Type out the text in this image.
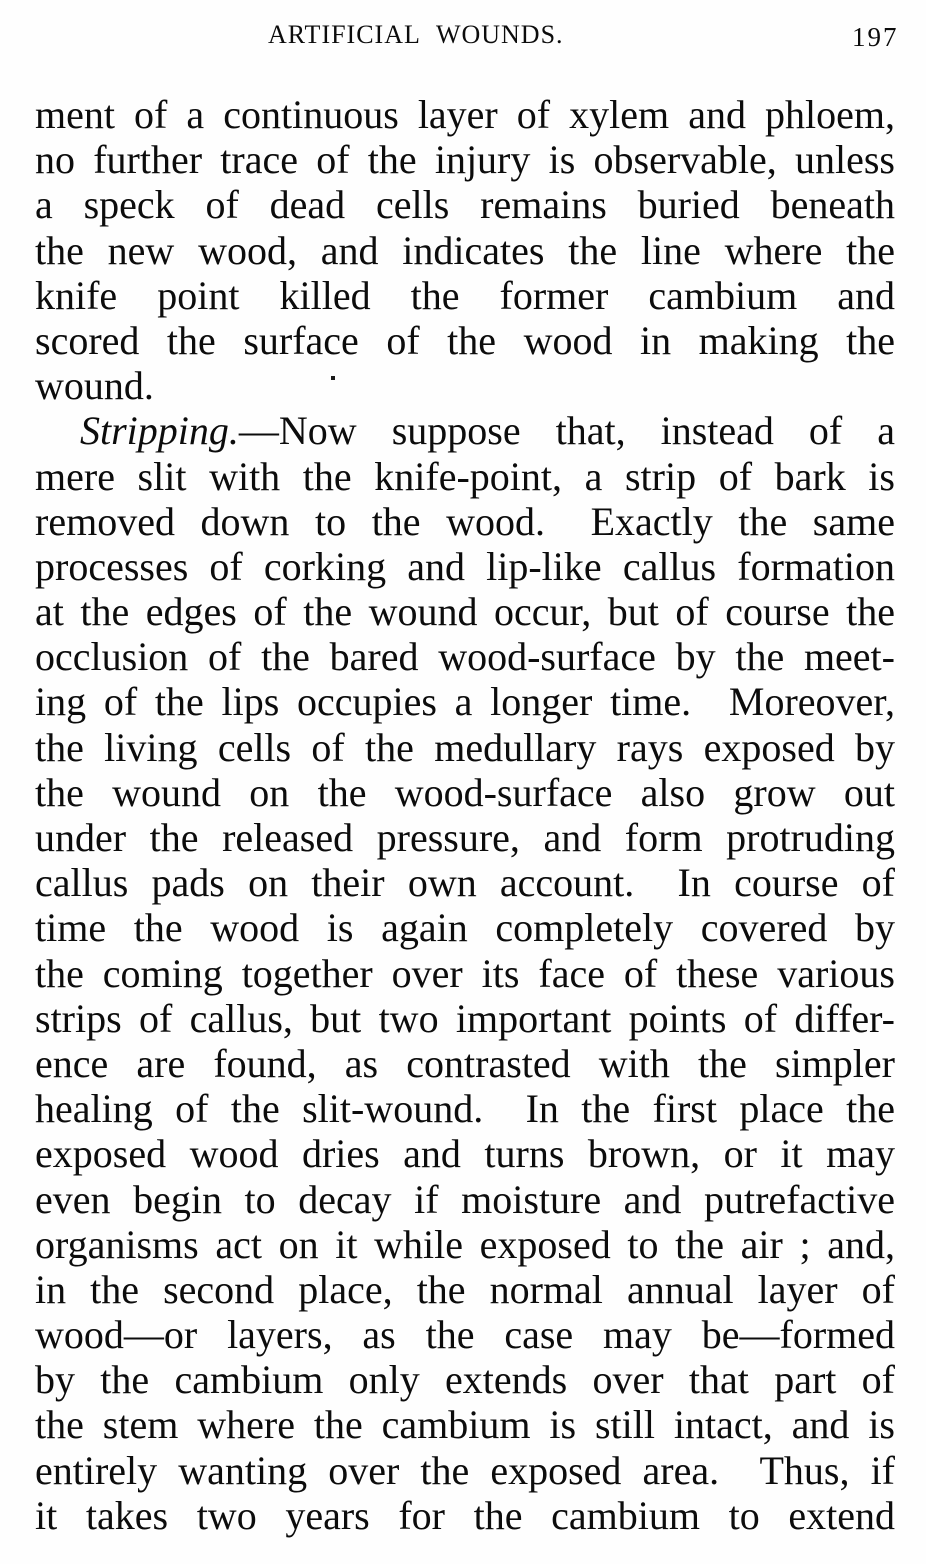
ARTIFICIAL WOUNDS.	197
ment of a continuous layer of xylem and phloem,
no further trace of the injury is observable, unless
a speck of dead cells remains buried beneath
the new wood, and indicates the line where the
knife point killed the former cambium and
scored the surface of the wood in making the
wound.
Stripping.—Now suppose that, instead of a
mere slit with the knife-point, a strip of bark is
removed down to the wood.  Exactly the same
processes of corking and lip-like callus formation
at the edges of the wound occur, but of course the
occlusion of the bared wood-surface by the meet-
ing of the lips occupies a longer time.  Moreover,
the living cells of the medullary rays exposed by
the wound on the wood-surface also grow out
under the released pressure, and form protruding
callus pads on their own account.  In course of
time the wood is again completely covered by
the coming together over its face of these various
strips of callus, but two important points of differ-
ence are found, as contrasted with the simpler
healing of the slit-wound.  In the first place the
exposed wood dries and turns brown, or it may
even begin to decay if moisture and putrefactive
organisms act on it while exposed to the air ; and,
in the second place, the normal annual layer of
wood—or layers, as the case may be—formed
by the cambium only extends over that part of
the stem where the cambium is still intact, and is
entirely wanting over the exposed area.  Thus, if
it takes two years for the cambium to extend
